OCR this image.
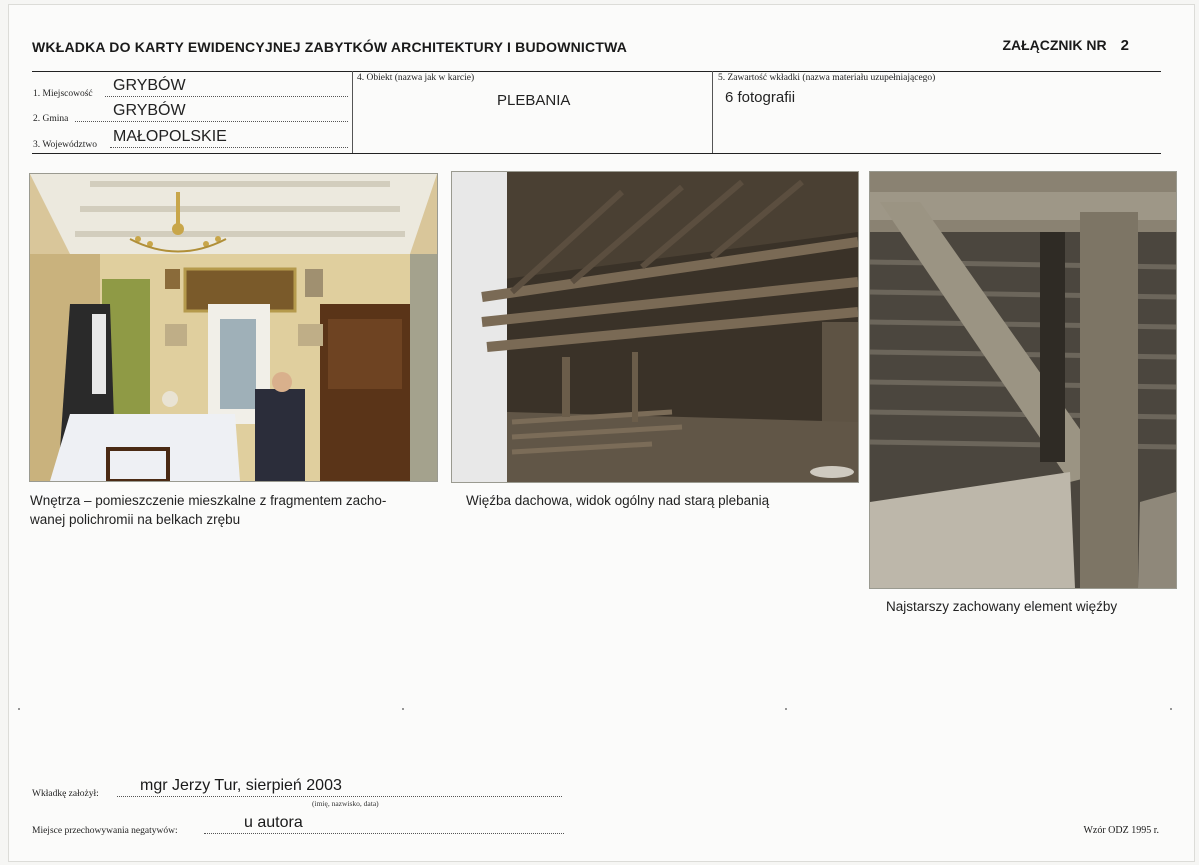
WKŁADKA DO KARTY EWIDENCYJNEJ ZABYTKÓW ARCHITEKTURY I BUDOWNICTWA	ZAŁĄCZNIK NR 2
1. Miejscowość GRYBÓW
2. Gmina	GRYBÓW
3. Województwo MAŁOPOLSKIE
4. Obiekt (nazwa jak w karcie)
PLEBANIA
5. Zawartość wkładki (nazwa materiału uzupełniającego)
6 fotografii
Wnętrza – pomieszczenie mieszkalne z fragmentem zacho-
wanej polichromii na belkach zrębu
Więźba dachowa, widok ogólny nad starą plebanią
Najstarszy zachowany element więźby
Wkładkę założył:	mgr Jerzy Tur, sierpień 2003
(imię, nazwisko, data)
Miejsce przechowywania negatywów:	u autora	Wzór ODZ 1995 r.
